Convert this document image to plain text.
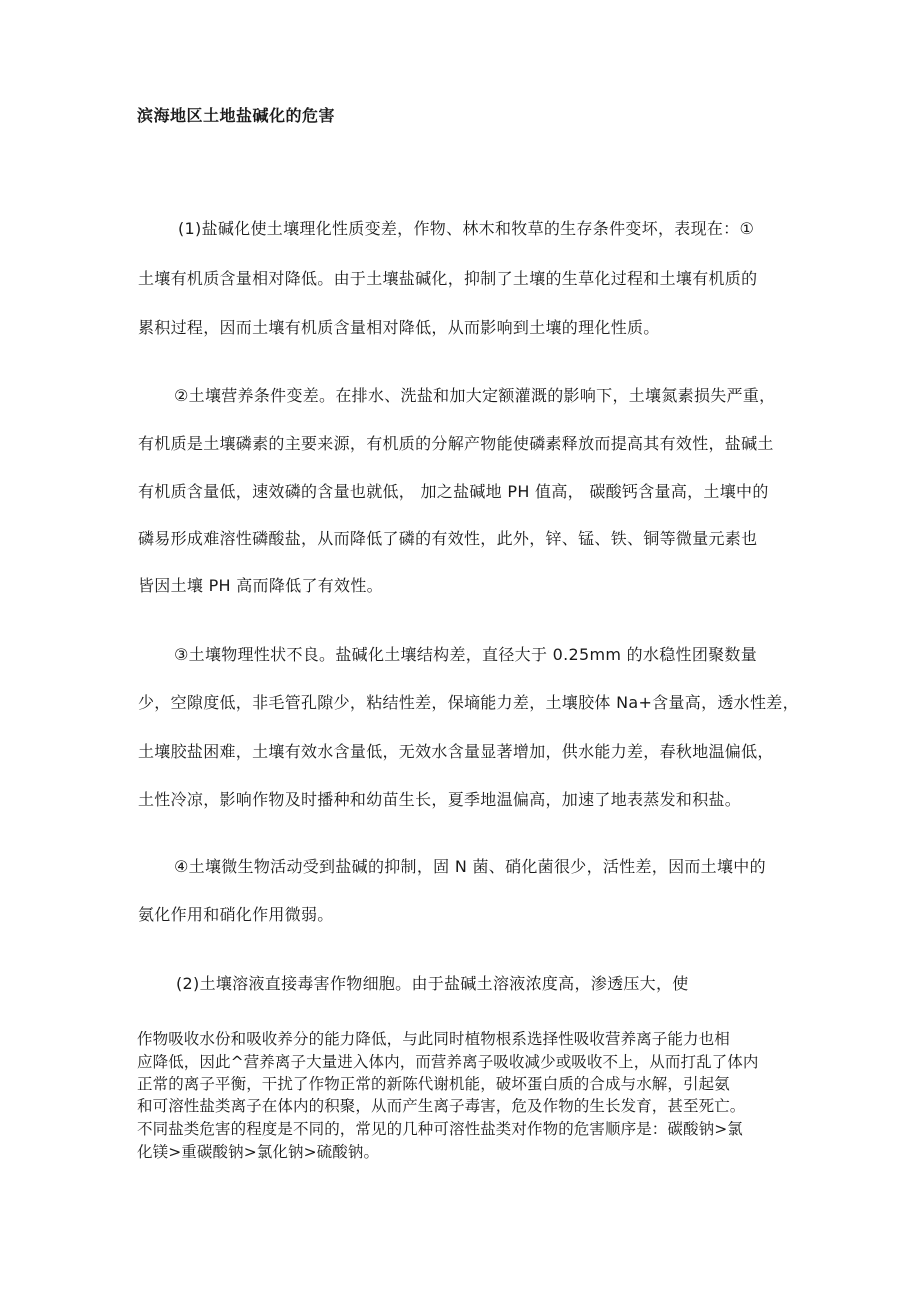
滨海地区土地盐碱化的危害
(1)盐碱化使土壤理化性质变差，作物、林木和牧草的生存条件变坏，表现在：①
土壤有机质含量相对降低。由于土壤盐碱化，抑制了土壤的生草化过程和土壤有机质的
累积过程，因而土壤有机质含量相对降低，从而影响到土壤的理化性质。
②土壤营养条件变差。在排水、洗盐和加大定额灌溉的影响下，土壤氮素损失严重，
有机质是土壤磷素的主要来源，有机质的分解产物能使磷素释放而提高其有效性，盐碱土
有机质含量低，速效磷的含量也就低， 加之盐碱地 PH 值高， 碳酸钙含量高，土壤中的
磷易形成难溶性磷酸盐，从而降低了磷的有效性，此外，锌、锰、铁、铜等微量元素也
皆因土壤 PH 高而降低了有效性。
③土壤物理性状不良。盐碱化土壤结构差，直径大于 0.25mm 的水稳性团聚数量
少，空隙度低，非毛管孔隙少，粘结性差，保墒能力差，土壤胶体 Na+含量高，透水性差，
土壤胶盐困难，土壤有效水含量低，无效水含量显著增加，供水能力差，春秋地温偏低，
土性冷凉，影响作物及时播种和幼苗生长，夏季地温偏高，加速了地表蒸发和积盐。
④土壤微生物活动受到盐碱的抑制，固 N 菌、硝化菌很少，活性差，因而土壤中的
氨化作用和硝化作用微弱。
(2)土壤溶液直接毒害作物细胞。由于盐碱土溶液浓度高，渗透压大，使
作物吸收水份和吸收养分的能力降低，与此同时植物根系选择性吸收营养离子能力也相
应降低，因此^营养离子大量进入体内，而营养离子吸收减少或吸收不上，从而打乱了体内
正常的离子平衡，干扰了作物正常的新陈代谢机能，破坏蛋白质的合成与水解，引起氨
和可溶性盐类离子在体内的积聚，从而产生离子毒害，危及作物的生长发育，甚至死亡。
不同盐类危害的程度是不同的，常见的几种可溶性盐类对作物的危害顺序是：碳酸钠>氯
化镁>重碳酸钠>氯化钠>硫酸钠。
